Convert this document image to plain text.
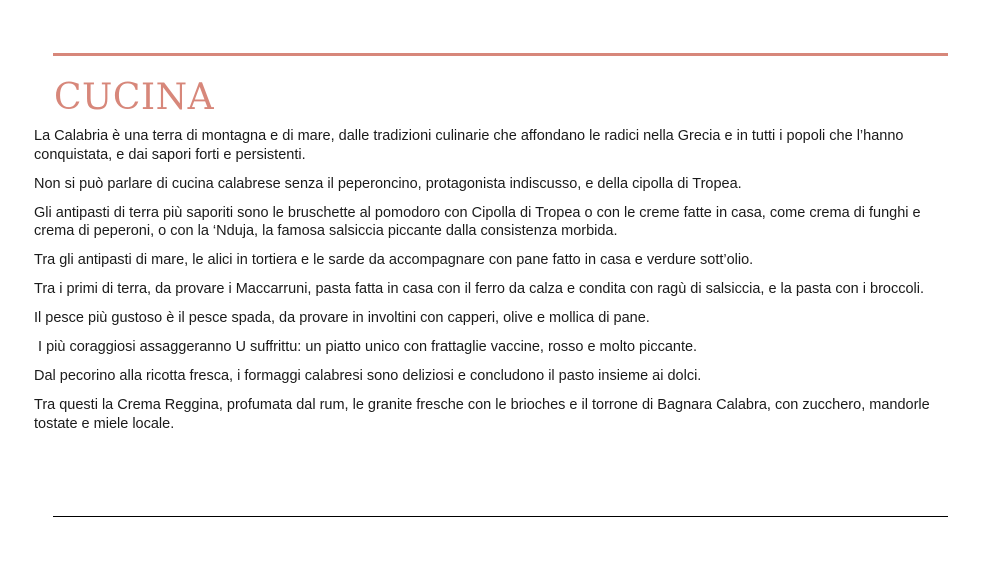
CUCINA

La Calabria è una terra di montagna e di mare, dalle tradizioni culinarie che affondano le radici nella Grecia e in tutti i popoli che l’hanno conquistata, e dai sapori forti e persistenti.

Non si può parlare di cucina calabrese senza il peperoncino, protagonista indiscusso, e della cipolla di Tropea.

Gli antipasti di terra più saporiti sono le bruschette al pomodoro con Cipolla di Tropea o con le creme fatte in casa, come crema di funghi e crema di peperoni, o con la ‘Nduja, la famosa salsiccia piccante dalla consistenza morbida.

Tra gli antipasti di mare, le alici in tortiera e le sarde da accompagnare con pane fatto in casa e verdure sott’olio.

Tra i primi di terra, da provare i Maccarruni, pasta fatta in casa con il ferro da calza e condita con ragù di salsiccia, e la pasta con i broccoli.

Il pesce più gustoso è il pesce spada, da provare in involtini con capperi, olive e mollica di pane.

I più coraggiosi assaggeranno U suffrittu: un piatto unico con frattaglie vaccine, rosso e molto piccante.

Dal pecorino alla ricotta fresca, i formaggi calabresi sono deliziosi e concludono il pasto insieme ai dolci.

Tra questi la Crema Reggina, profumata dal rum, le granite fresche con le brioches e il torrone di Bagnara Calabra, con zucchero, mandorle tostate e miele locale.
